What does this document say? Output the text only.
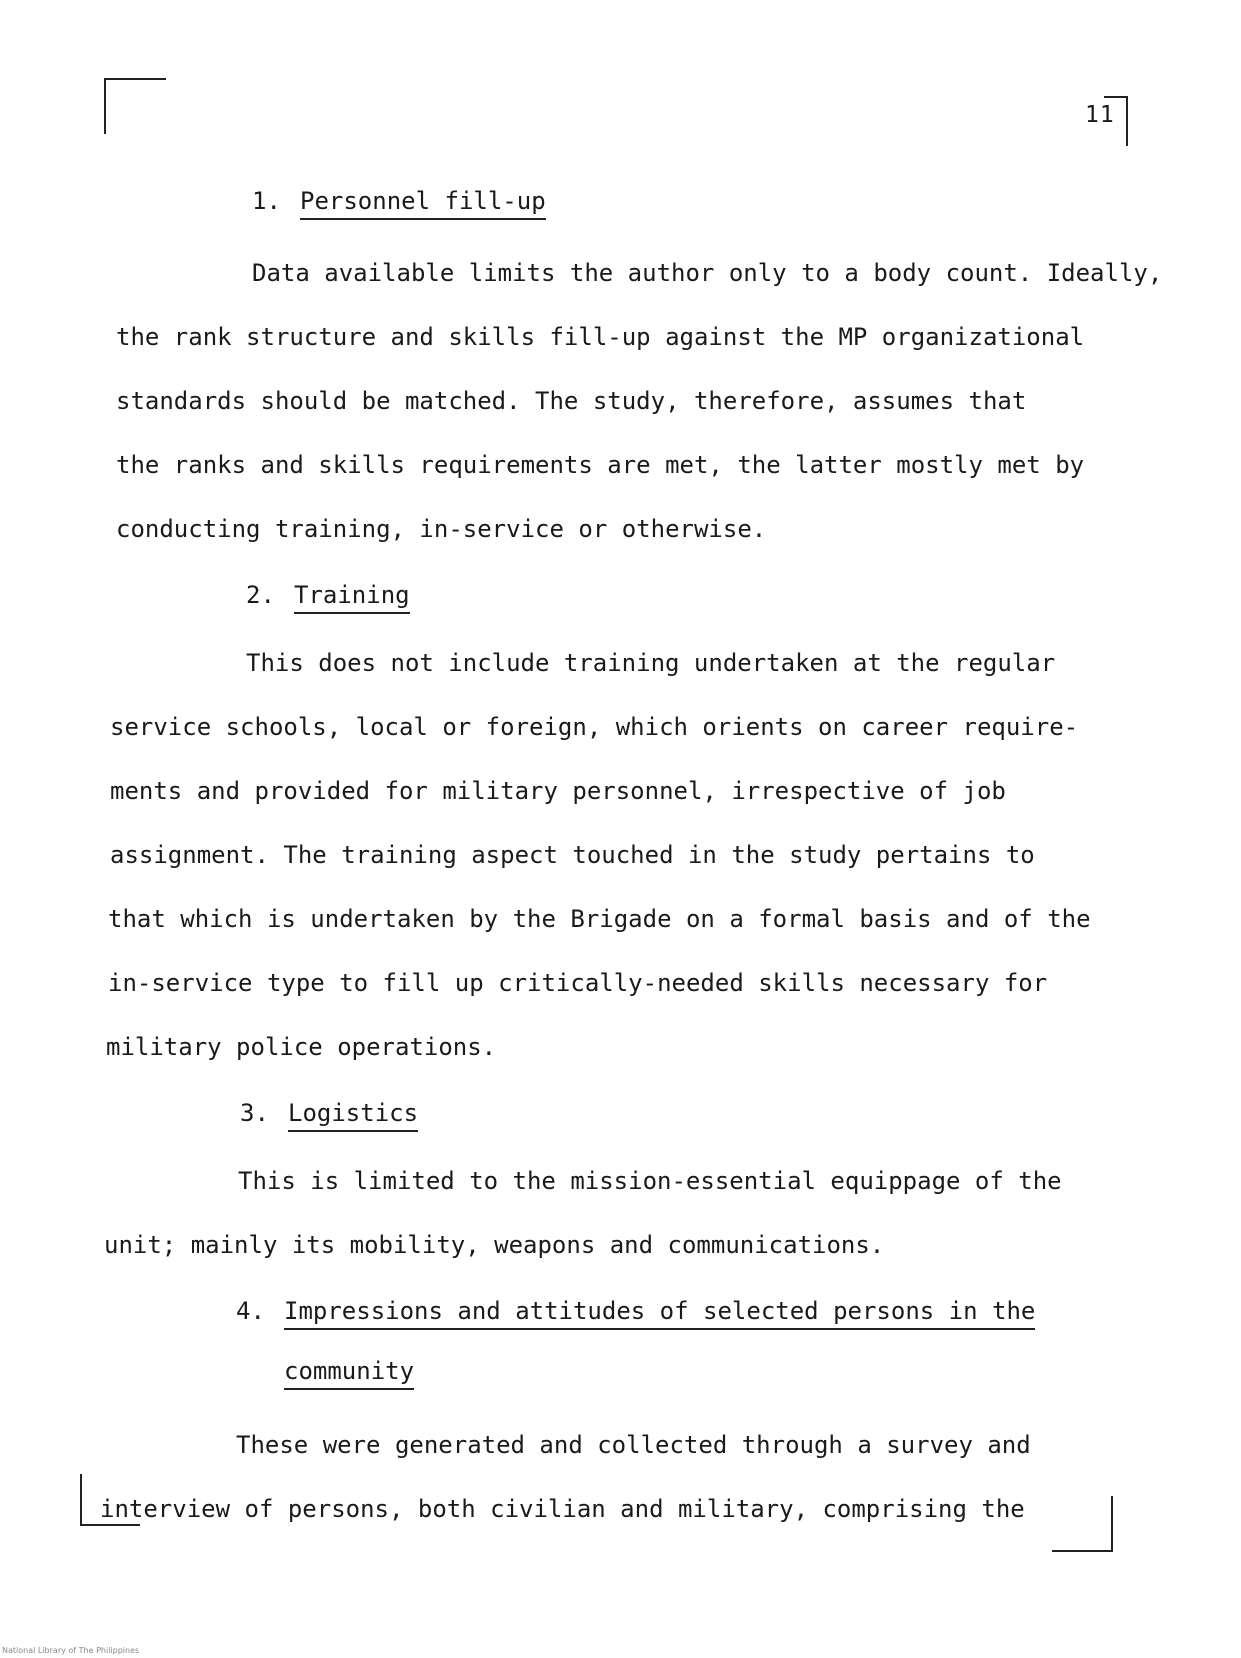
11
1. Personnel fill-up
Data available limits the author only to a body count. Ideally,
the rank structure and skills fill-up against the MP organizational
standards should be matched. The study, therefore, assumes that
the ranks and skills requirements are met, the latter mostly met by
conducting training, in-service or otherwise.
2. Training
This does not include training undertaken at the regular
service schools, local or foreign, which orients on career require-
ments and provided for military personnel, irrespective of job
assignment. The training aspect touched in the study pertains to
that which is undertaken by the Brigade on a formal basis and of the
in-service type to fill up critically-needed skills necessary for
military police operations.
3. Logistics
This is limited to the mission-essential equippage of the
unit; mainly its mobility, weapons and communications.
4. Impressions and attitudes of selected persons in the
community
These were generated and collected through a survey and
interview of persons, both civilian and military, comprising the
National Library of The Philippines
